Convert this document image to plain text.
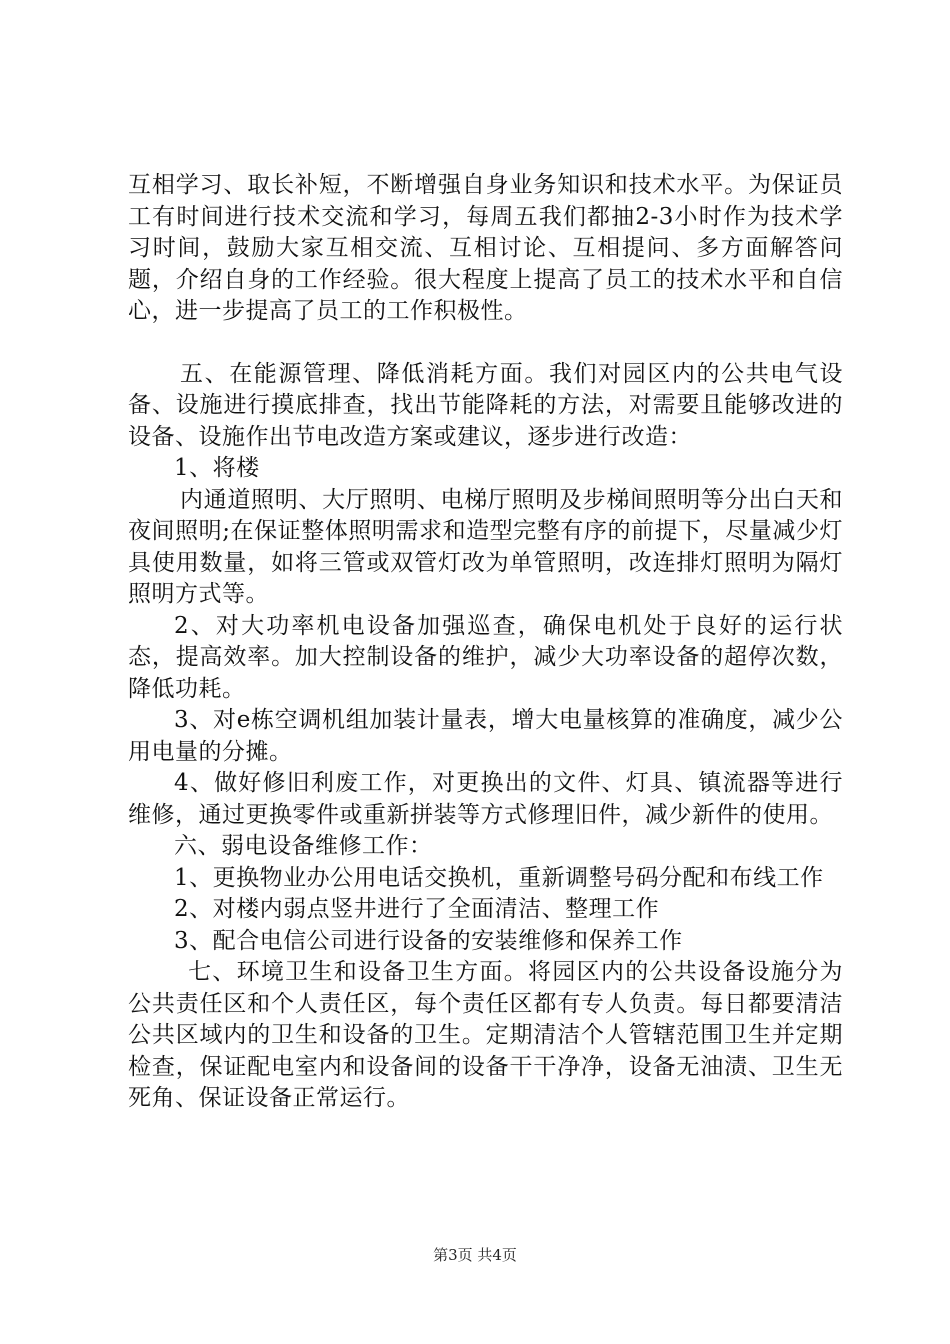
互相学习、取长补短，不断增强自身业务知识和技术水平。为保证员工有时间进行技术交流和学习，每周五我们都抽2-3小时作为技术学习时间，鼓励大家互相交流、互相讨论、互相提问、多方面解答问题，介绍自身的工作经验。很大程度上提高了员工的技术水平和自信心，进一步提高了员工的工作积极性。

五、在能源管理、降低消耗方面。我们对园区内的公共电气设备、设施进行摸底排查，找出节能降耗的方法，对需要且能够改进的设备、设施作出节电改造方案或建议，逐步进行改造：

1、将楼

内通道照明、大厅照明、电梯厅照明及步梯间照明等分出白天和夜间照明;在保证整体照明需求和造型完整有序的前提下，尽量减少灯具使用数量，如将三管或双管灯改为单管照明，改连排灯照明为隔灯照明方式等。

2、对大功率机电设备加强巡查，确保电机处于良好的运行状态，提高效率。加大控制设备的维护，减少大功率设备的超停次数，降低功耗。

3、对e栋空调机组加装计量表，增大电量核算的准确度，减少公用电量的分摊。

4、做好修旧利废工作，对更换出的文件、灯具、镇流器等进行维修，通过更换零件或重新拼装等方式修理旧件，减少新件的使用。

六、弱电设备维修工作：

1、更换物业办公用电话交换机，重新调整号码分配和布线工作

2、对楼内弱点竖井进行了全面清洁、整理工作

3、配合电信公司进行设备的安装维修和保养工作

七、环境卫生和设备卫生方面。将园区内的公共设备设施分为公共责任区和个人责任区，每个责任区都有专人负责。每日都要清洁公共区域内的卫生和设备的卫生。定期清洁个人管辖范围卫生并定期检查，保证配电室内和设备间的设备干干净净，设备无油渍、卫生无死角、保证设备正常运行。

第3页 共4页
